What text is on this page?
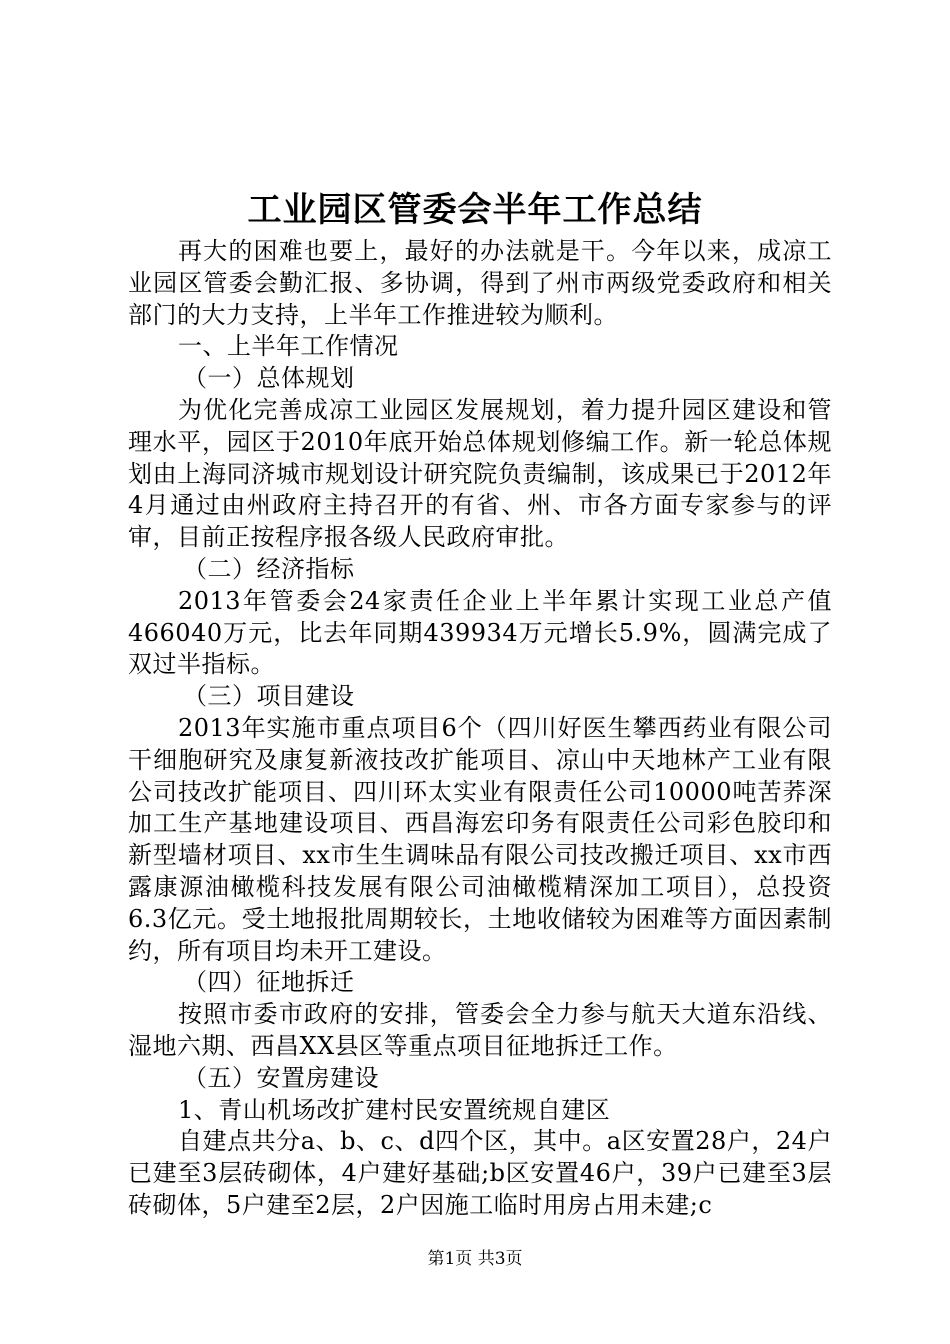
工业园区管委会半年工作总结

再大的困难也要上，最好的办法就是干。今年以来，成凉工业园区管委会勤汇报、多协调，得到了州市两级党委政府和相关部门的大力支持，上半年工作推进较为顺利。

一、上半年工作情况

（一）总体规划

为优化完善成凉工业园区发展规划，着力提升园区建设和管理水平，园区于2010年底开始总体规划修编工作。新一轮总体规划由上海同济城市规划设计研究院负责编制，该成果已于2012年4月通过由州政府主持召开的有省、州、市各方面专家参与的评审，目前正按程序报各级人民政府审批。

（二）经济指标

2013年管委会24家责任企业上半年累计实现工业总产值466040万元，比去年同期439934万元增长5.9%，圆满完成了双过半指标。

（三）项目建设

2013年实施市重点项目6个（四川好医生攀西药业有限公司干细胞研究及康复新液技改扩能项目、凉山中天地林产工业有限公司技改扩能项目、四川环太实业有限责任公司10000吨苦荞深加工生产基地建设项目、西昌海宏印务有限责任公司彩色胶印和新型墙材项目、xx市生生调味品有限公司技改搬迁项目、xx市西露康源油橄榄科技发展有限公司油橄榄精深加工项目），总投资6.3亿元。受土地报批周期较长，土地收储较为困难等方面因素制约，所有项目均未开工建设。

（四）征地拆迁

按照市委市政府的安排，管委会全力参与航天大道东沿线、湿地六期、西昌XX县区等重点项目征地拆迁工作。

（五）安置房建设

1、青山机场改扩建村民安置统规自建区

自建点共分a、b、c、d四个区，其中。a区安置28户，24户已建至3层砖砌体，4户建好基础;b区安置46户，39户已建至3层砖砌体，5户建至2层，2户因施工临时用房占用未建;c

第1页 共3页
